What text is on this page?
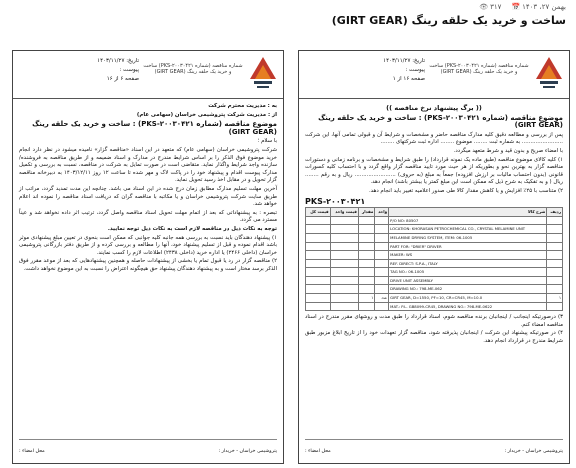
👁 ۳۱۷ 📅 بهمن ۲۷، ۱۴۰۳
ساخت و خرید یک حلقه رینگ (GIRT GEAR)
شماره مناقصه (شماره ۲۰۰۳۰۴۲۱-PKS) ساخت و خرید یک حلقه رینگ (GIRT GEAR)
تاریخ: ۱۴۰۳/۱۱/۲۷
پیوست :
صفحه ۱۶ از ۱
(( برگ پیشنهاد نرخ مناقصه ))
موضوع مناقصه (شماره ۲۰۰۳۰۴۲۱-PKS) : ساخت و خرید یک حلقه رینگ (GIRT GEAR)

پس از بررسی و مطالعه دقیق کلیه مدارک مناقصه حاضر و مشخصات و شرایط آن و قبولی تمامی آنها، این شرکت ........................ به شماره ثبت ........ موضوع ........ اداره ثبت شرکتهای ........

با امضاء صریح و بدون قید و شرط متعهد میگردد.

۱) کلیه کالای موضوع مناقصه (طبق ماده یک نمونه قرارداد) را طبق شرایط و مشخصات و برنامه زمانی و دستورات مناقصه گزار به بهترین نحو و بطوریکه از هر حیث مورد تایید مناقصه گزار واقع گردد و با احتساب کلیه کسورات قانونی (بدون احتساب مالیات بر ارزش افزوده) جمعاً به مبلغ (به حروف) ........................ ریال و به رقم ........ ریال ( و به تفکیک به شرح ذیل که ممکن است این مبلغ کمتر یا بیشتر باشد) انجام دهد.

۲) متناسب با ۲۵٪ افزایش و یا کاهش مقدار کالا طی صدور اعلامیه تغییر باید انجام دهد.

PKS-۲۰۰۳۰۴۲۱
ردیف	شرح کالا	واحد	مقدار	قیمت واحد	قیمت کل
	P/O NO: 80507				
	LOCATION: KHORASAN PETROCHEMICAL CO., CRYSTAL MELAMINE UNIT				
	MELAMINE DRYING SYSTEM, ITEM: 06-1005				
	PART FOR: "DRIER" DRIVER				
	MAKER: WS				
	REF. DIRECT: S.P.A., ITALY				
	TAG NO.: 06-1005				
	DRIVE UNIT ASSEMBLY				
	DRAWING NO.: 798-ME-062				
۱	GIRT GEAR, D=1550, PF=10, CR=CR45, M=10.0	عدد	۱		
	MAT.: P.L. GB8099-CR45, DRAWING NO.: 798-ME-0622				

۳) درصورتیکه اینجانب / اینجانبان برنده مناقصه شوم، اسناد قرارداد را طبق مدت و روشهای مقرر مندرج در اسناد مناقصه امضاء کنم.

۴) در صورتیکه پیشنهاد این شرکت / اینجانبان پذیرفته شود، مناقصه گزار تعهدات خود را از تاریخ ابلاغ مزبور طبق شرایط مندرج در قرارداد انجام دهد.

پتروشیمی خراسان - خریدار :
محل امضاء :
شماره مناقصه (شماره ۲۰۰۳۰۴۲۱-PKS) ساخت و خرید یک حلقه رینگ (GIRT GEAR)
تاریخ: ۱۴۰۳/۱۱/۲۷
پیوست :
صفحه ۶ از ۱۶

به : مدیریت محترم شرکت

از : مدیریت شرکت پتروشیمی خراسان (سهامی عام)

موضوع مناقصه (شماره ۲۰۰۳۰۴۲۱-PKS) : ساخت و خرید یک حلقه رینگ (GIRT GEAR)

با سلام ؛

شرکت پتروشیمی خراسان (سهامی عام) که متعهد در این اسناد «مناقصه گزار» نامیده میشود در نظر دارد انجام خرید موضوع فوق الذکر را بر اساس شرایط مندرج در مدارک و اسناد ضمیمه و از طریق مناقصه به فروشنده/سازنده واجد شرایط واگذار نماید. متقاضی است در صورت تمایل به شرکت در مناقصه، نسبت به بررسی و تکمیل مدارک پیوست اقدام و پیشنهاد خود را در پاکت لاک و مهر شده تا ساعت ۱۲ روز ۱۴۰۳/۱۲/۱۱ به دبیرخانه مناقصه گزار تحویل و در مقابل اخذ رسید تحویل نماید.

آخرین مهلت تسلیم مدارک مطابق زمان درج شده در این اسناد می باشد. چنانچه این مدت تمدید گردد، مراتب از طریق سایت شرکت پتروشیمی خراسان و یا مکاتبه با مناقصه گران که دریافت اسناد مناقصه را نموده اند اعلام خواهد شد.

تبصره : به پیشنهاداتی که بعد از اتمام مهلت تحویل اسناد مناقصه واصل گردد، ترتیب اثر داده نخواهد شد و عیناً مسترد می گردد.

توجه به نکات ذیل در مناقصه لازم است به نکات ذیل توجه نمایید.

۱) پیشنهاد دهندگان باید نسبت به بررسی همه جانبه کلیه جوانبی که ممکن است بنحوی در تعیین مبلغ پیشنهادی موثر باشد اقدام نموده و قبل از تسلیم پیشنهاد خود، آنها را مطالعه و بررسی کرده و از طریق دفتر بازرگانی پتروشیمی خراسان (داخلی ۲۴۶۶) یا اداره خرید (داخلی ۲۴۳۸) اطلاعات لازم را کسب نمایند.

۲) مناقصه گزار در رد یا قبول تمام یا بخشی از پیشنهادات حاصله و همچنین پیشنهادهایی که بعد از موعد مقرر فوق الذکر برسد مختار است و به پیشنهاد دهندگان پیشنهاد حق هیچگونه اعتراض را نسبت به این موضوع نخواهد داشت.

پتروشیمی خراسان - خریدار :
محل امضاء :
